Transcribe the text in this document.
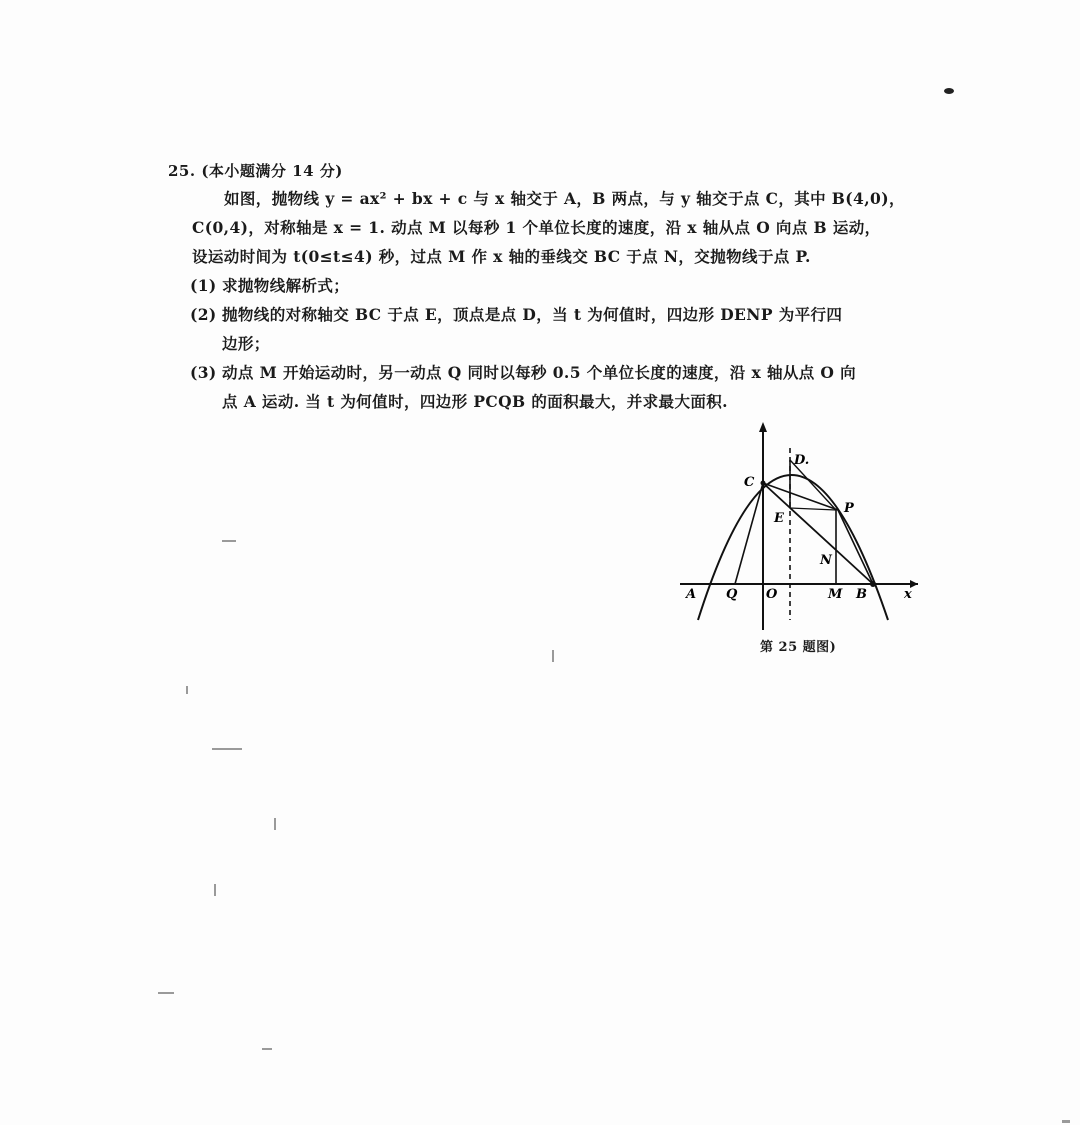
25. (本小题满分 14 分)

如图，抛物线 y = ax² + bx + c 与 x 轴交于 A，B 两点，与 y 轴交于点 C，其中 B(4,0)，

C(0,4)，对称轴是 x = 1. 动点 M 以每秒 1 个单位长度的速度，沿 x 轴从点 O 向点 B 运动，

设运动时间为 t(0≤t≤4) 秒，过点 M 作 x 轴的垂线交 BC 于点 N，交抛物线于点 P.

(1) 求抛物线解析式；
(2) 抛物线的对称轴交 BC 于点 E，顶点是点 D，当 t 为何值时，四边形 DENP 为平行四
边形；
(3) 动点 M 开始运动时，另一动点 Q 同时以每秒 0.5 个单位长度的速度，沿 x 轴从点 O 向
点 A 运动. 当 t 为何值时，四边形 PCQB 的面积最大，并求最大面积.
A Q O	M B	x
C
D.
E
P
N
第 25 题图)
